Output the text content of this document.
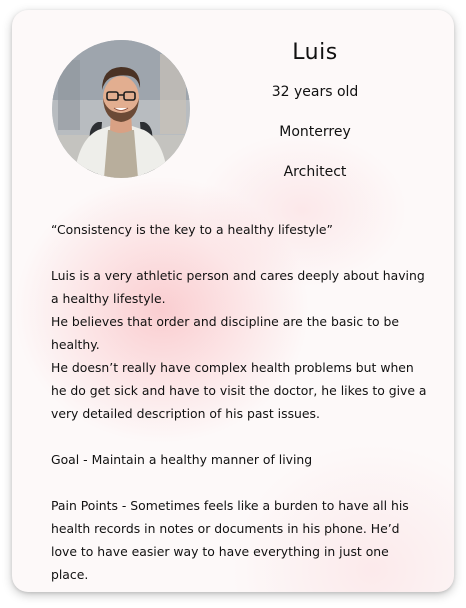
Luis
32 years old
Monterrey
Architect

“Consistency is the key to a healthy lifestyle”

Luis is a very athletic person and cares deeply about having a healthy lifestyle.

He believes that order and discipline are the basic to be healthy.

He doesn’t really have complex health problems but when he do get sick and have to visit the doctor, he likes to give a very detailed description of his past issues.

Goal - Maintain a healthy manner of living

Pain Points - Sometimes feels like a burden to have all his health records in notes or documents in his phone. He’d love to have easier way to have everything in just one place.
